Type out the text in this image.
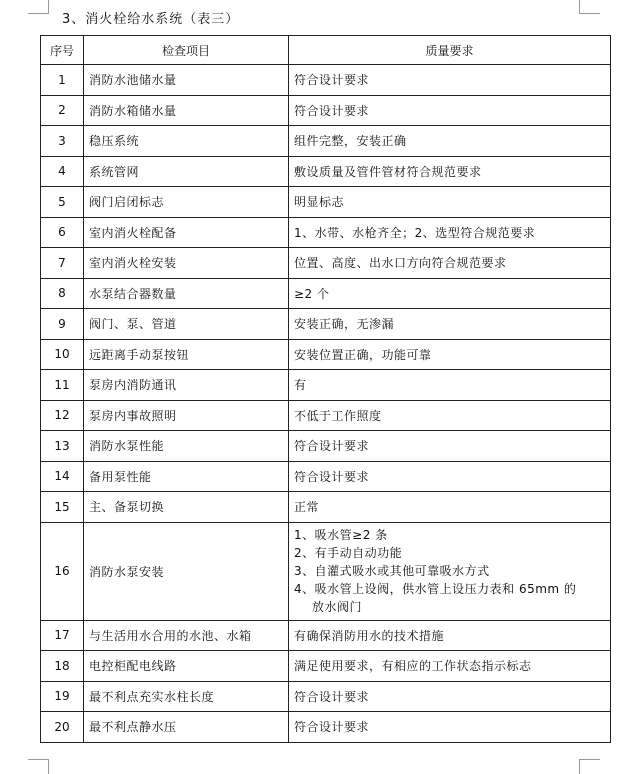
3、消火栓给水系统（表三）
序号	检查项目	质量要求
1	消防水池储水量	符合设计要求
2	消防水箱储水量	符合设计要求
3	稳压系统	组件完整，安装正确
4	系统管网	敷设质量及管件管材符合规范要求
5	阀门启闭标志	明显标志
6	室内消火栓配备	1、水带、水枪齐全；2、选型符合规范要求
7	室内消火栓安装	位置、高度、出水口方向符合规范要求
8	水泵结合器数量	≥2 个
9	阀门、泵、管道	安装正确，无渗漏
10	远距离手动泵按钮	安装位置正确，功能可靠
11	泵房内消防通讯	有
12	泵房内事故照明	不低于工作照度
13	消防水泵性能	符合设计要求
14	备用泵性能	符合设计要求
15	主、备泵切换	正常
16	消防水泵安装	1、吸水管≥2 条
2、有手动自动功能
3、自灌式吸水或其他可靠吸水方式
4、吸水管上设阀，供水管上设压力表和 65mm 的
放水阀门

17	与生活用水合用的水池、水箱	有确保消防用水的技术措施
18	电控柜配电线路	满足使用要求，有相应的工作状态指示标志
19	最不利点充实水柱长度	符合设计要求
20	最不利点静水压	符合设计要求
